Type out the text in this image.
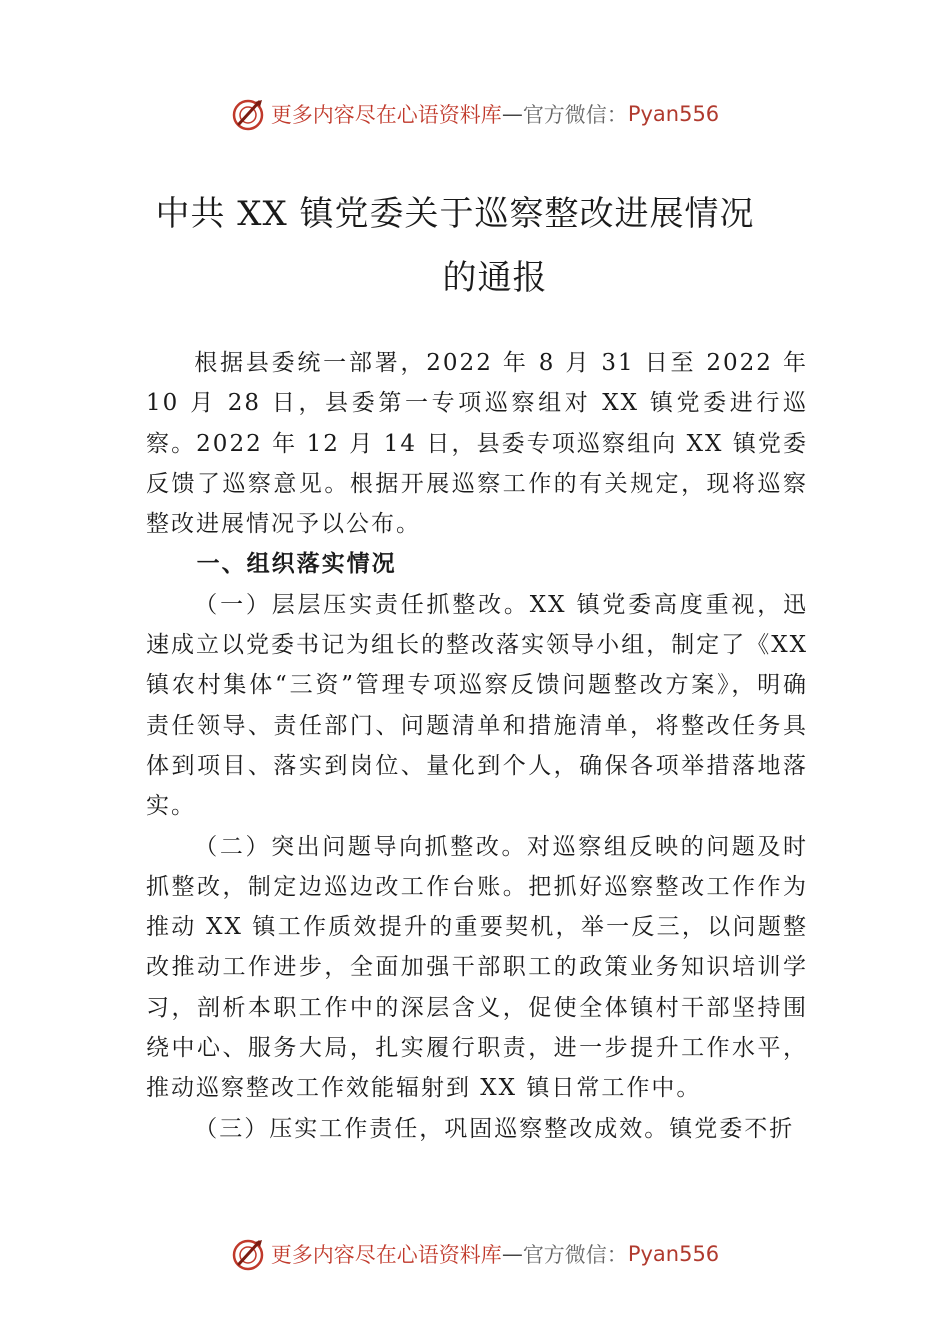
更多内容尽在心语资料库 — 官方微信： Pyan556
中共 XX 镇党委关于巡察整改进展情况
的通报

根据县委统一部署，2022 年 8 月 31 日至 2022 年 10 月 28 日，县委第一专项巡察组对 XX 镇党委进行巡察。2022 年 12 月 14 日，县委专项巡察组向 XX 镇党委反馈了巡察意见。根据开展巡察工作的有关规定，现将巡察整改进展情况予以公布。

一、组织落实情况

（一）层层压实责任抓整改。XX 镇党委高度重视，迅速成立以党委书记为组长的整改落实领导小组，制定了《XX 镇农村集体“三资”管理专项巡察反馈问题整改方案》，明确 责任领导、责任部门、问题清单和措施清单，将整改任务具体到项目、落实到岗位、量化到个人，确保各项举措落地落实。

（二）突出问题导向抓整改。对巡察组反映的问题及时抓整改，制定边巡边改工作台账。把抓好巡察整改工作作为推动 XX 镇工作质效提升的重要契机，举一反三，以问题整改推动工作进步，全面加强干部职工的政策业务知识培训学习，剖析本职工作中的深层含义，促使全体镇村干部坚持围绕中心、服务大局，扎实履行职责，进一步提升工作水平， 推动巡察整改工作效能辐射到 XX 镇日常工作中。

（三）压实工作责任，巩固巡察整改成效。镇党委不折

更多内容尽在心语资料库 — 官方微信： Pyan556
